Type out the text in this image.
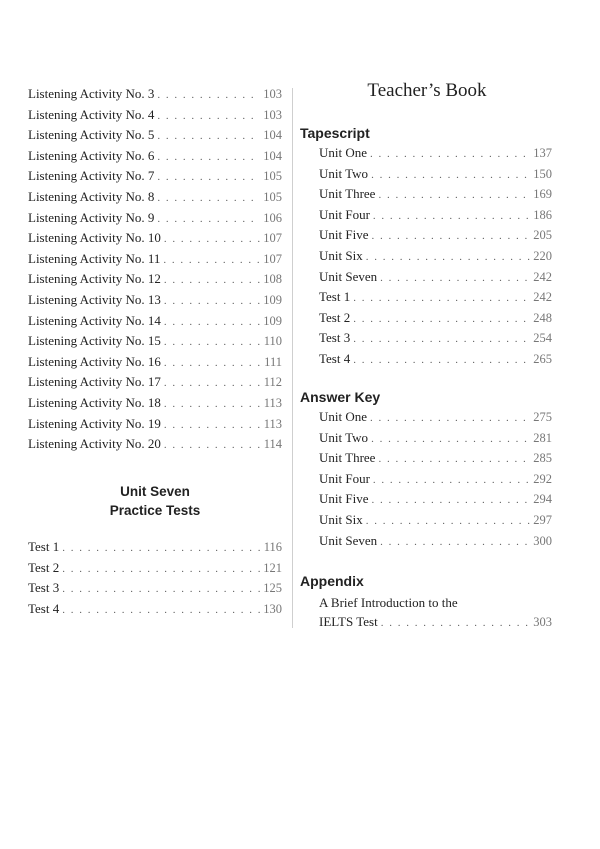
Listening Activity No. 3 . . .	103
Listening Activity No. 4 . . .	103
Listening Activity No. 5 . . .	104
Listening Activity No. 6 . . .	104
Listening Activity No. 7 . . .	105
Listening Activity No. 8 . . .	105
Listening Activity No. 9 . . .	106
Listening Activity No. 10 . . .	107
Listening Activity No. 11 . . .	107
Listening Activity No. 12 . . .	108
Listening Activity No. 13 . . .	109
Listening Activity No. 14 . . .	109
Listening Activity No. 15 . . .	110
Listening Activity No. 16 . . .	111
Listening Activity No. 17 . . .	112
Listening Activity No. 18 . . .	113
Listening Activity No. 19 . . .	113
Listening Activity No. 20 . . .	114
Unit Seven
Practice Tests
Test 1 . . .	116
Test 2 . . .	121
Test 3 . . .	125
Test 4 . . .	130
Teacher’s Book
Tapescript
Unit One . . .	137
Unit Two . . .	150
Unit Three . . .	169
Unit Four . . .	186
Unit Five . . .	205
Unit Six . . .	220
Unit Seven . . .	242
Test 1 . . .	242
Test 2 . . .	248
Test 3 . . .	254
Test 4 . . .	265
Answer Key
Unit One . . .	275
Unit Two . . .	281
Unit Three . . .	285
Unit Four . . .	292
Unit Five . . .	294
Unit Six . . .	297
Unit Seven . . .	300
Appendix
A Brief Introduction to the
IELTS Test . . .	303
